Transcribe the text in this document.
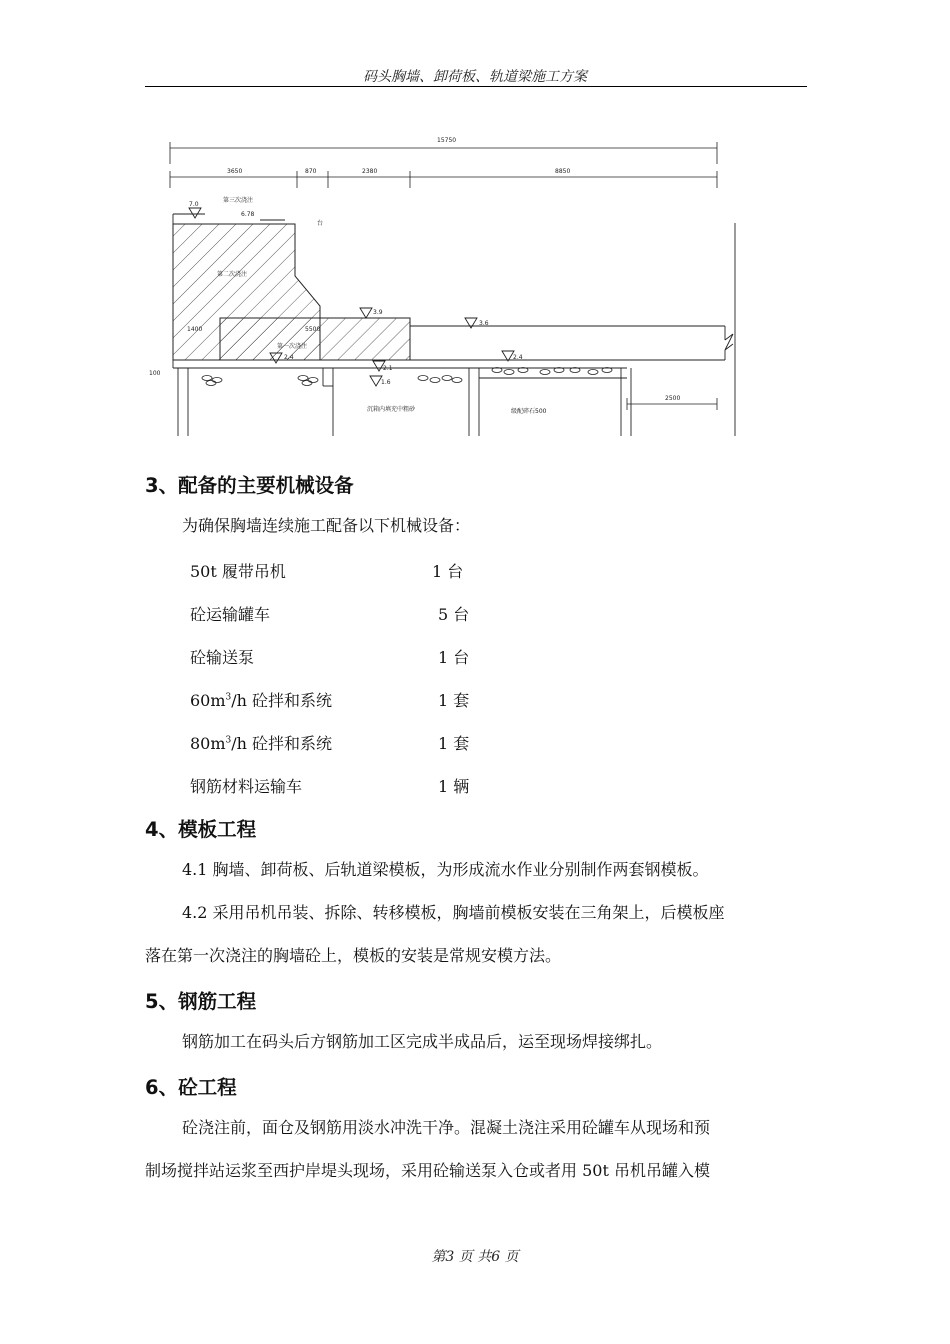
码头胸墙、卸荷板、轨道梁施工方案
15750
3650	870	2380	8850
7.0
6.78
3.9
3.6
2.4	2.4
2.1
1.6
台
第三次浇注
第二次浇注
第一次浇注
1400	5500
100
2500
沉箱内填充中粗砂	级配碎石500
3、配备的主要机械设备
为确保胸墙连续施工配备以下机械设备：
50t 履带吊机	1 台
砼运输罐车	5 台
砼输送泵	1 台
$60m^3/h$ 砼拌和系统	1 套
$80m^3/h$ 砼拌和系统	1 套
钢筋材料运输车	1 辆
4、模板工程
4.1 胸墙、卸荷板、后轨道梁模板，为形成流水作业分别制作两套钢模板。
4.2 采用吊机吊装、拆除、转移模板，胸墙前模板安装在三角架上，后模板座
落在第一次浇注的胸墙砼上，模板的安装是常规安模方法。
5、钢筋工程
钢筋加工在码头后方钢筋加工区完成半成品后，运至现场焊接绑扎。
6、砼工程
砼浇注前，面仓及钢筋用淡水冲洗干净。混凝土浇注采用砼罐车从现场和预
制场搅拌站运浆至西护岸堤头现场，采用砼输送泵入仓或者用 50t 吊机吊罐入模
第3 页 共6 页
